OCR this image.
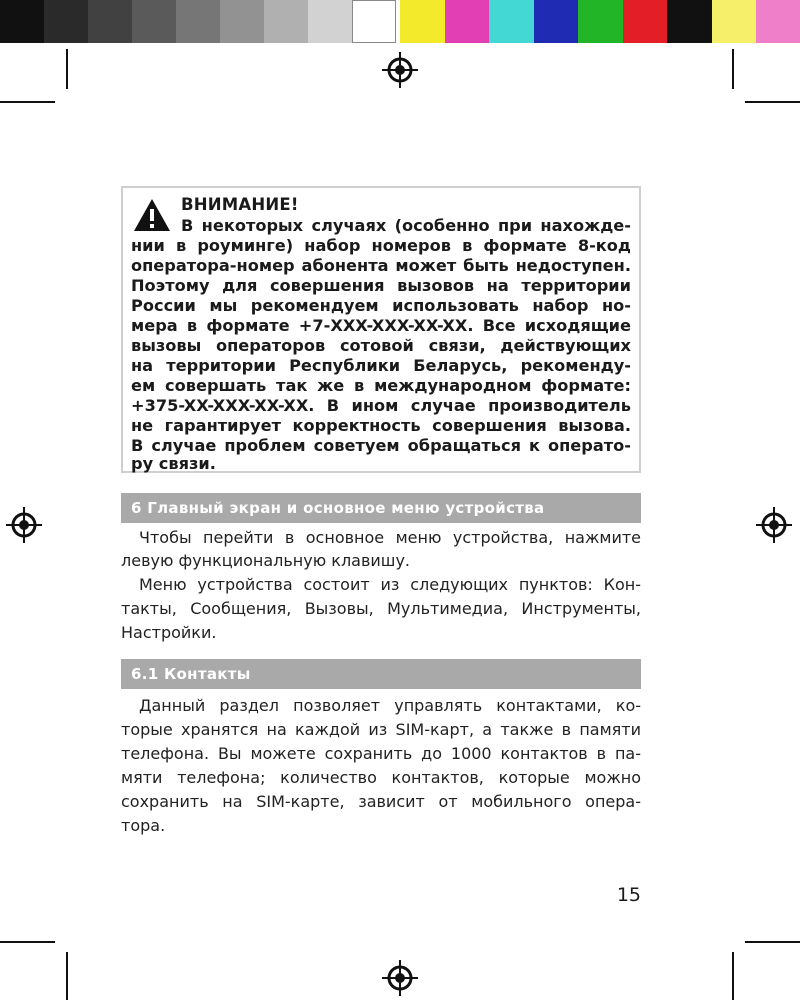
ВНИМАНИЕ!
В некоторых случаях (особенно при нахожде-
нии в роуминге) набор номеров в формате 8-код
оператора-номер абонента может быть недоступен.
Поэтому для совершения вызовов на территории
России мы рекомендуем использовать набор но-
мера в формате +7-XXX-XXX-XX-XX. Все исходящие
вызовы операторов сотовой связи, действующих
на территории Республики Беларусь, рекоменду-
ем совершать так же в международном формате:
+375-XX-XXX-XX-XX. В ином случае производитель
не гарантирует корректность совершения вызова.
В случае проблем советуем обращаться к операто-
ру связи.
6 Главный экран и основное меню устройства
Чтобы перейти в основное меню устройства, нажмите
левую функциональную клавишу.
Меню устройства состоит из следующих пунктов: Кон-
такты, Сообщения, Вызовы, Мультимедиа, Инструменты,
Настройки.
6.1 Контакты
Данный раздел позволяет управлять контактами, ко-
торые хранятся на каждой из SIM-карт, а также в памяти
телефона. Вы можете сохранить до 1000 контактов в па-
мяти телефона; количество контактов, которые можно
сохранить на SIM-карте, зависит от мобильного опера-
тора.
15
